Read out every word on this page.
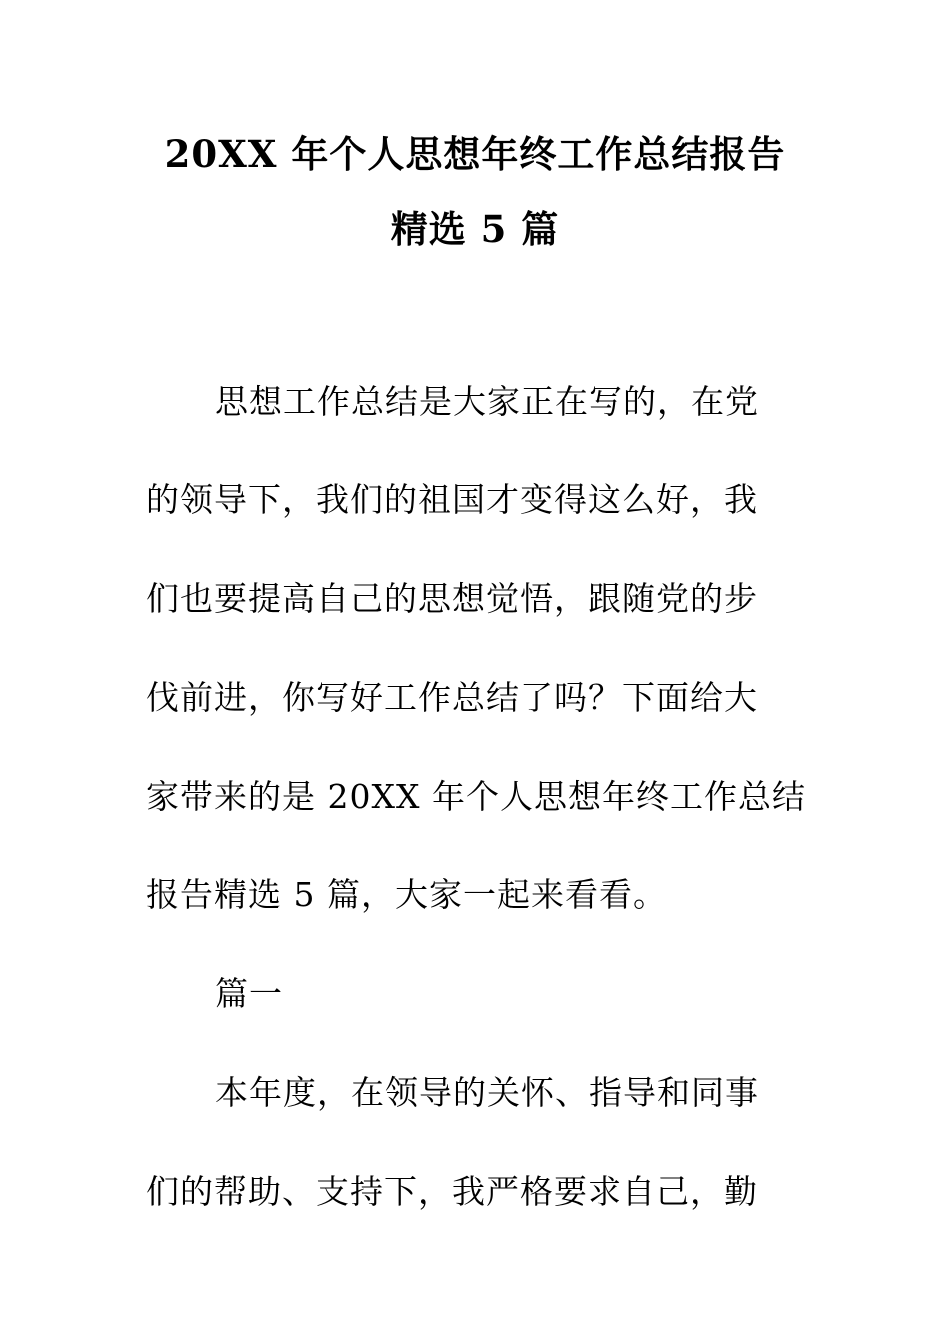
20XX 年个人思想年终工作总结报告
精选 5 篇
思想工作总结是大家正在写的，在党
的领导下，我们的祖国才变得这么好，我
们也要提高自己的思想觉悟，跟随党的步
伐前进，你写好工作总结了吗？下面给大
家带来的是 20XX 年个人思想年终工作总结
报告精选 5 篇，大家一起来看看。
篇一
本年度，在领导的关怀、指导和同事
们的帮助、支持下，我严格要求自己，勤
